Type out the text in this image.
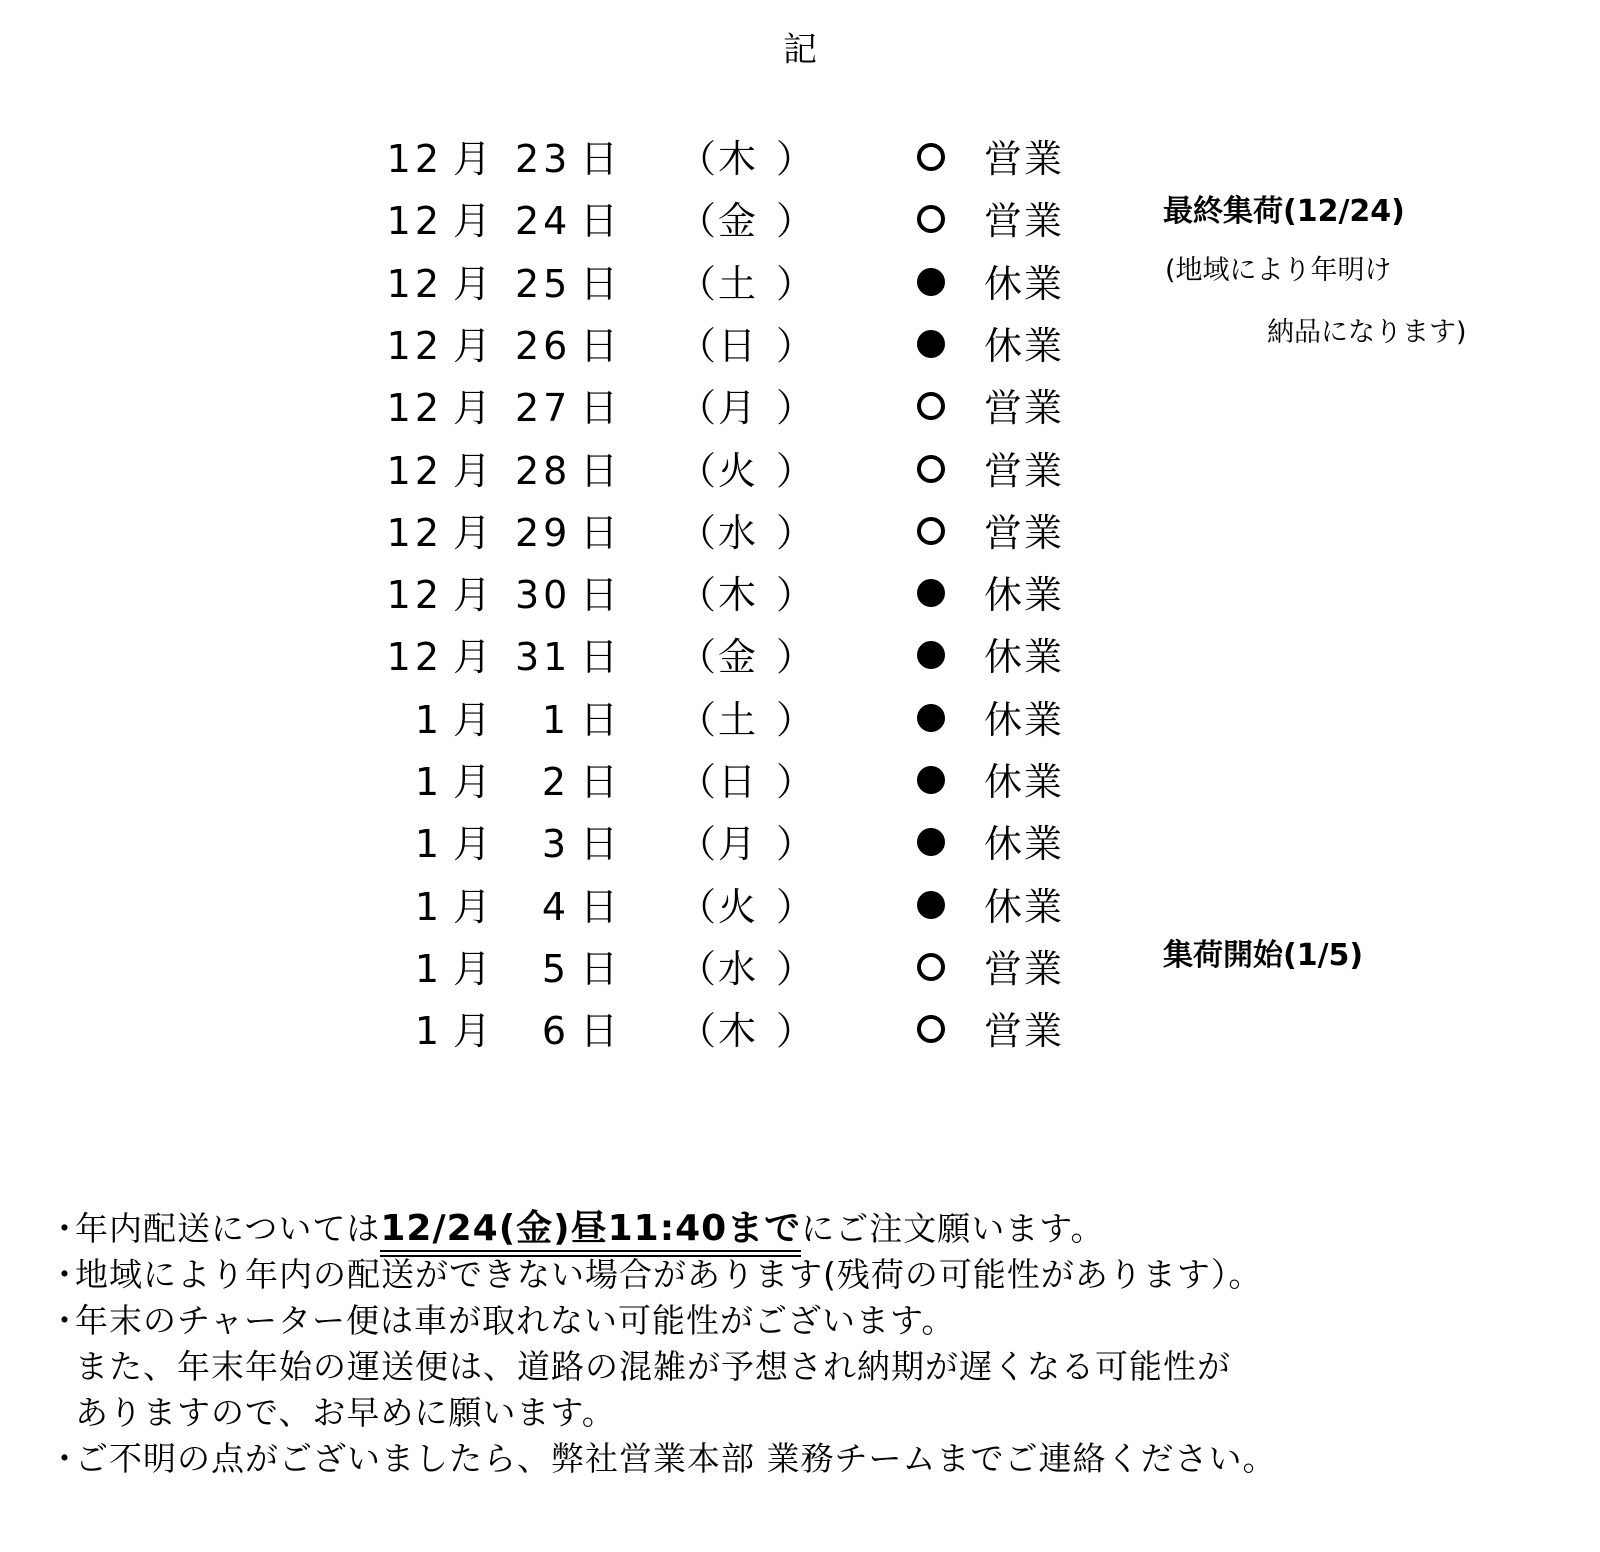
記
12 月 23 日 （ 木 ）	営業
12 月 24 日 （ 金 ）	営業
12 月 25 日 （ 土 ）	休業
12 月 26 日 （ 日 ）	休業
12 月 27 日 （ 月 ）	営業
12 月 28 日 （ 火 ）	営業
12 月 29 日 （ 水 ）	営業
12 月 30 日 （ 木 ）	休業
12 月 31 日 （ 金 ）	休業
1 月	1 日 （ 土 ）	休業
1 月	2 日 （ 日 ）	休業
1 月	3 日 （ 月 ）	休業
1 月	4 日 （ 火 ）	休業
1 月	5 日 （ 水 ）	営業
1 月	6 日 （ 木 ）	営業
最終集荷(12/24)
(地域により年明け
納品になります)
集荷開始(1/5)
・
年内配送については12/24(金)昼11:40までにご注文願います。
・
地域により年内の配送ができない場合があります(残荷の可能性があります）。
・
年末のチャーター便は車が取れない可能性がございます。
また、年末年始の運送便は、道路の混雑が予想され納期が遅くなる可能性が
ありますので、お早めに願います。
・
ご不明の点がございましたら、弊社営業本部 業務チームまでご連絡ください。
